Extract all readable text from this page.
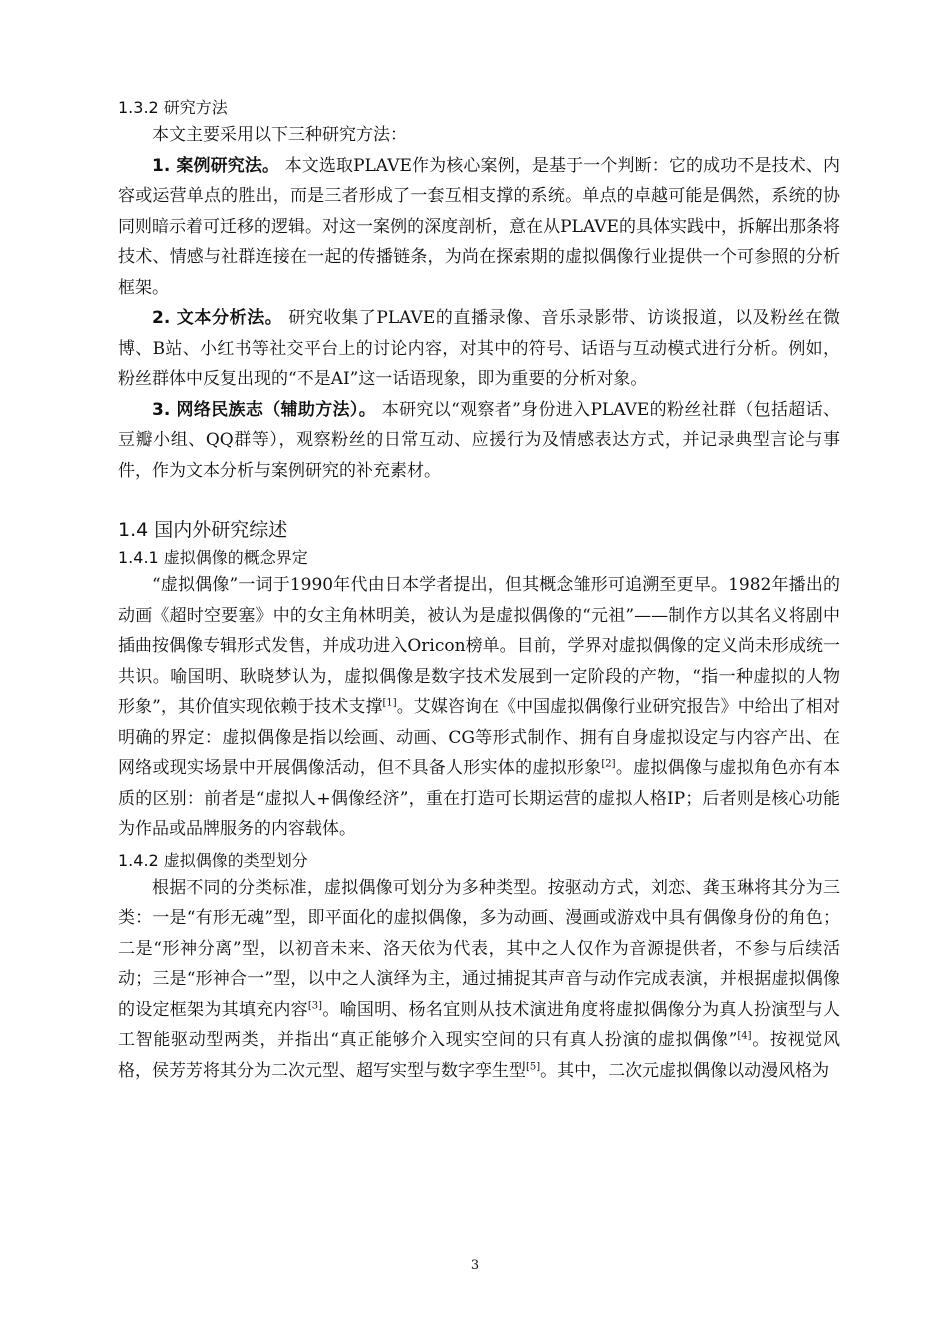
1.3.2 研究方法

本文主要采用以下三种研究方法：

1. 案例研究法。 本文选取PLAVE作为核心案例，是基于一个判断：它的成功不是技术、内容或运营单点的胜出，而是三者形成了一套互相支撑的系统。单点的卓越可能是偶然，系统的协同则暗示着可迁移的逻辑。对这一案例的深度剖析，意在从PLAVE的具体实践中，拆解出那条将技术、情感与社群连接在一起的传播链条，为尚在探索期的虚拟偶像行业提供一个可参照的分析框架。

2. 文本分析法。 研究收集了PLAVE的直播录像、音乐录影带、访谈报道，以及粉丝在微博、B站、小红书等社交平台上的讨论内容，对其中的符号、话语与互动模式进行分析。例如，粉丝群体中反复出现的“不是AI”这一话语现象，即为重要的分析对象。

3. 网络民族志（辅助方法）。 本研究以“观察者”身份进入PLAVE的粉丝社群（包括超话、豆瓣小组、QQ群等），观察粉丝的日常互动、应援行为及情感表达方式，并记录典型言论与事件，作为文本分析与案例研究的补充素材。

1.4 国内外研究综述
1.4.1 虚拟偶像的概念界定

“虚拟偶像”一词于1990年代由日本学者提出，但其概念雏形可追溯至更早。1982年播出的动画《超时空要塞》中的女主角林明美，被认为是虚拟偶像的“元祖”——制作方以其名义将剧中插曲按偶像专辑形式发售，并成功进入Oricon榜单。目前，学界对虚拟偶像的定义尚未形成统一共识。喻国明、耿晓梦认为，虚拟偶像是数字技术发展到一定阶段的产物，“指一种虚拟的人物形象”，其价值实现依赖于技术支撑[1]。艾媒咨询在《中国虚拟偶像行业研究报告》中给出了相对明确的界定：虚拟偶像是指以绘画、动画、CG等形式制作、拥有自身虚拟设定与内容产出、在网络或现实场景中开展偶像活动，但不具备人形实体的虚拟形象[2]。虚拟偶像与虚拟角色亦有本质的区别：前者是“虚拟人+偶像经济”，重在打造可长期运营的虚拟人格IP；后者则是核心功能为作品或品牌服务的内容载体。

1.4.2 虚拟偶像的类型划分

根据不同的分类标准，虚拟偶像可划分为多种类型。按驱动方式，刘恋、龚玉琳将其分为三类：一是“有形无魂”型，即平面化的虚拟偶像，多为动画、漫画或游戏中具有偶像身份的角色；二是“形神分离”型，以初音未来、洛天依为代表，其中之人仅作为音源提供者，不参与后续活动；三是“形神合一”型，以中之人演绎为主，通过捕捉其声音与动作完成表演，并根据虚拟偶像的设定框架为其填充内容[3]。喻国明、杨名宜则从技术演进角度将虚拟偶像分为真人扮演型与人工智能驱动型两类，并指出“真正能够介入现实空间的只有真人扮演的虚拟偶像”[4]。按视觉风格，侯芳芳将其分为二次元型、超写实型与数字孪生型[5]。其中，二次元虚拟偶像以动漫风格为

3
